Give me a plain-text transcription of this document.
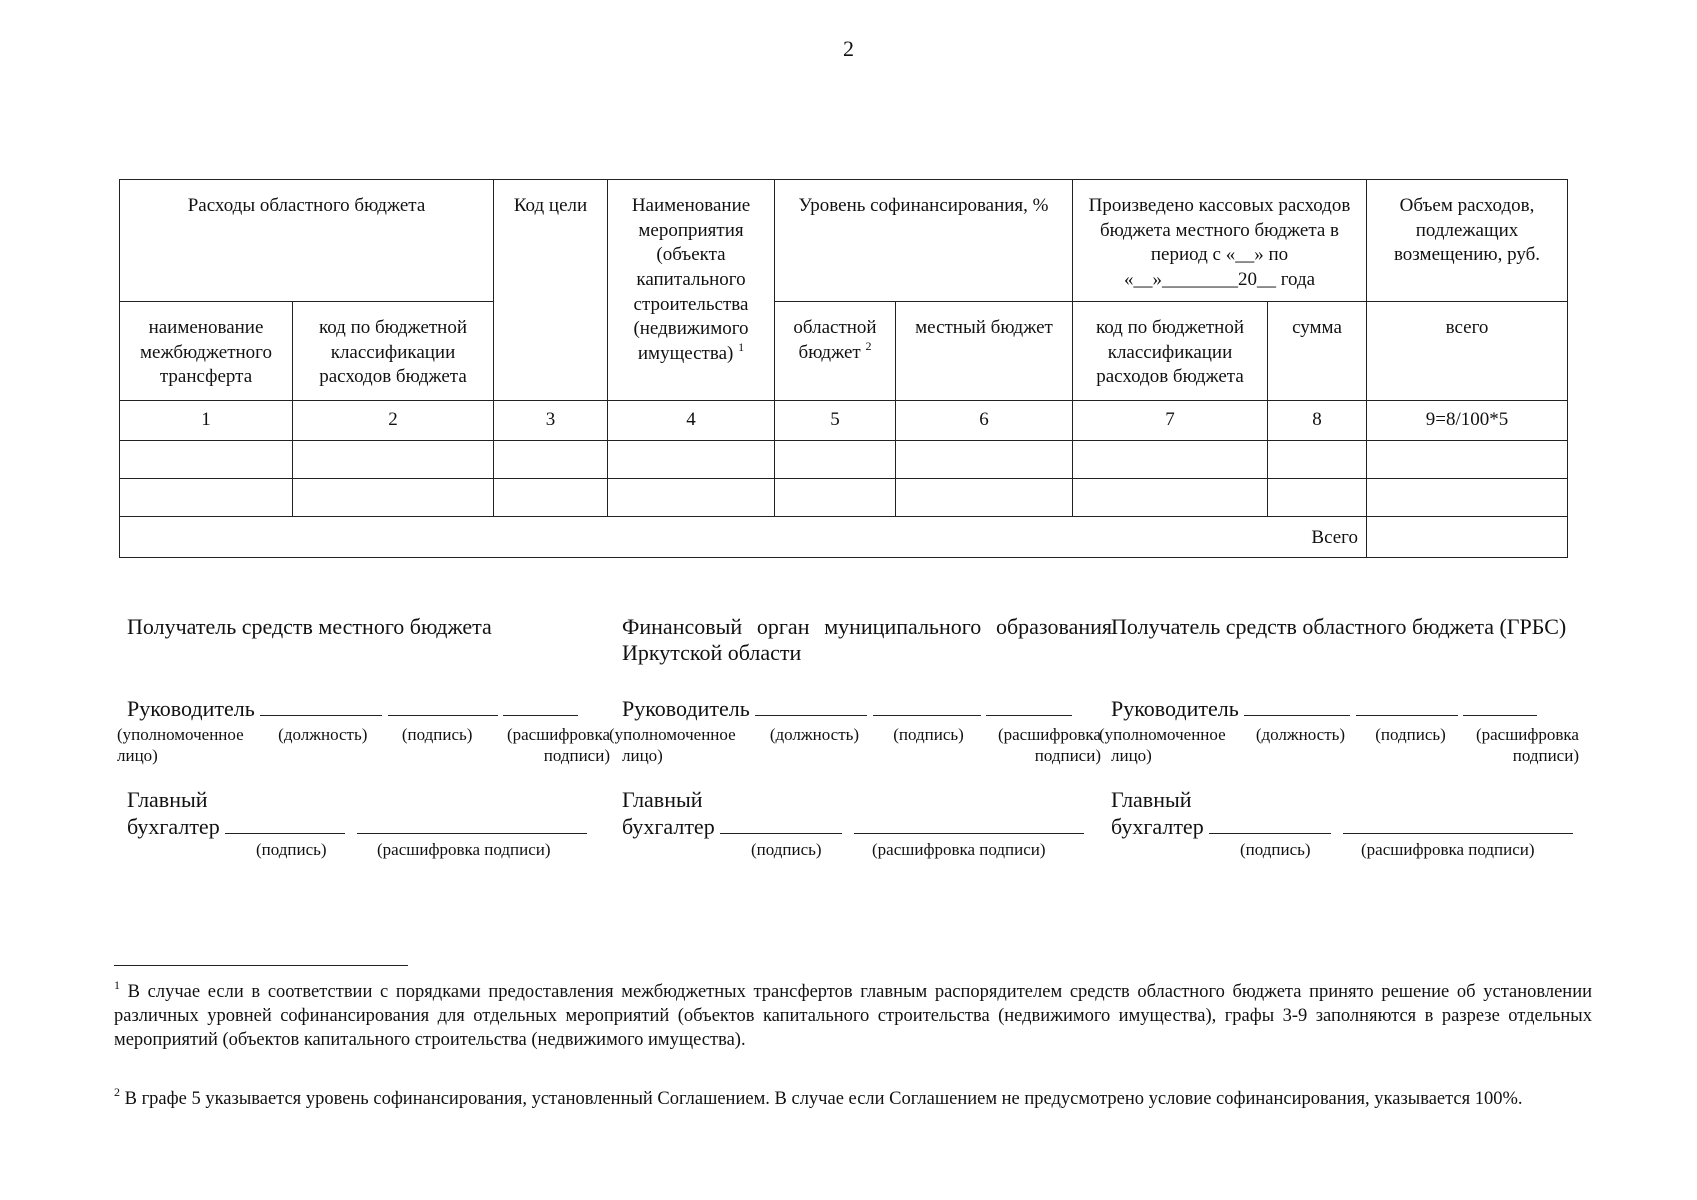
2
Расходы областного бюджета		Код цели	Наименование мероприятия (объекта капитального строительства (недвижимого имущества) $^1$	Уровень софинансирования, %		Произведено кассовых расходов бюджета местного бюджета в период с «__» по «__»________20__ года		Объем расходов, подлежащих возмещению, руб.
наименование межбюджетного трансферта	код по бюджетной классификации расходов бюджета			областной бюджет $^2$	местный бюджет	код по бюджетной классификации расходов бюджета	сумма	всего
1	2	3	4	5	6	7	8	9=8/100*5

Всего								
Получатель средств местного бюджета
Руководитель
(уполномоченное (должность) (подпись) (расшифровка
лицо)	подписи)
Главный
бухгалтер
(подпись)	(расшифровка подписи)
Финансовый орган муниципального образования Иркутской области
Руководитель
(уполномоченное (должность) (подпись) (расшифровка
лицо)	подписи)
Главный
бухгалтер
(подпись)	(расшифровка подписи)
Получатель средств областного бюджета (ГРБС)
Руководитель
(уполномоченное (должность) (подпись) (расшифровка
лицо)	подписи)
Главный
бухгалтер
(подпись)	(расшифровка подписи)
$^1$ В случае если в соответствии с порядками предоставления межбюджетных трансфертов главным распорядителем средств областного бюджета принято решение об установлении различных уровней софинансирования для отдельных мероприятий (объектов капитального строительства (недвижимого имущества), графы 3-9 заполняются в разрезе отдельных мероприятий (объектов капитального строительства (недвижимого имущества).
$^2$ В графе 5 указывается уровень софинансирования, установленный Соглашением. В случае если Соглашением не предусмотрено условие софинансирования, указывается 100%.
